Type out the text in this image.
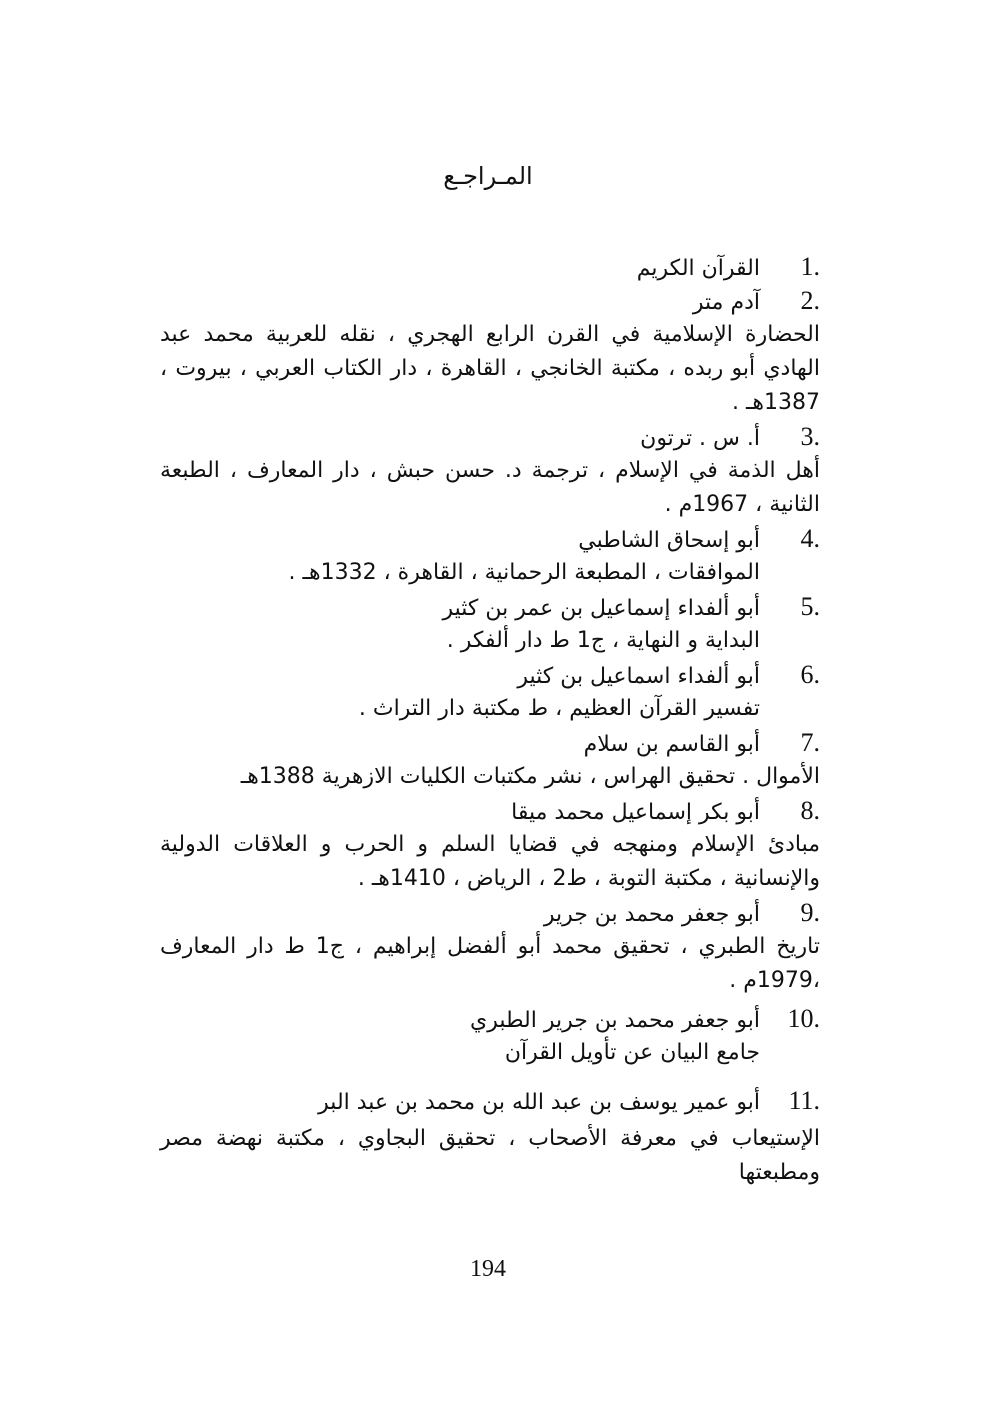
المـراجـع
1.
القرآن الكريم
2.
آدم متر
الحضارة الإسلامية في القرن الرابع الهجري ، نقله للعربية محمد عبد الهادي أبو ربده ، مكتبة الخانجي ، القاهرة ، دار الكتاب العربي ، بيروت ، 1387هـ .
3.
أ. س . ترتون
أهل الذمة في الإسلام ، ترجمة د. حسن حبش ، دار المعارف ، الطبعة الثانية ، 1967م .
4.
أبو إسحاق الشاطبي
الموافقات ، المطبعة الرحمانية ، القاهرة ، 1332هـ .
5.
أبو ألفداء إسماعيل بن عمر بن كثير
البداية و النهاية ، ج1 ط دار ألفكر .
6.
أبو ألفداء اسماعيل بن كثير
تفسير القرآن العظيم ، ط مكتبة دار التراث .
7.
أبو القاسم بن سلام
الأموال . تحقيق الهراس ، نشر مكتبات الكليات الازهرية 1388هـ
8.
أبو بكر إسماعيل محمد ميقا
مبادئ الإسلام ومنهجه في قضايا السلم و الحرب و العلاقات الدولية والإنسانية ، مكتبة التوبة ، ط2 ، الرياض ، 1410هـ .
9.
أبو جعفر محمد بن جرير
تاريخ الطبري ، تحقيق محمد أبو ألفضل إبراهيم ، ج1 ط دار المعارف ،1979م .
10.
أبو جعفر محمد بن جرير الطبري
جامع البيان عن تأويل القرآن
11.
أبو عمير يوسف بن عبد الله بن محمد بن عبد البر
الإستيعاب في معرفة الأصحاب ، تحقيق البجاوي ، مكتبة نهضة مصر ومطبعتها
194
